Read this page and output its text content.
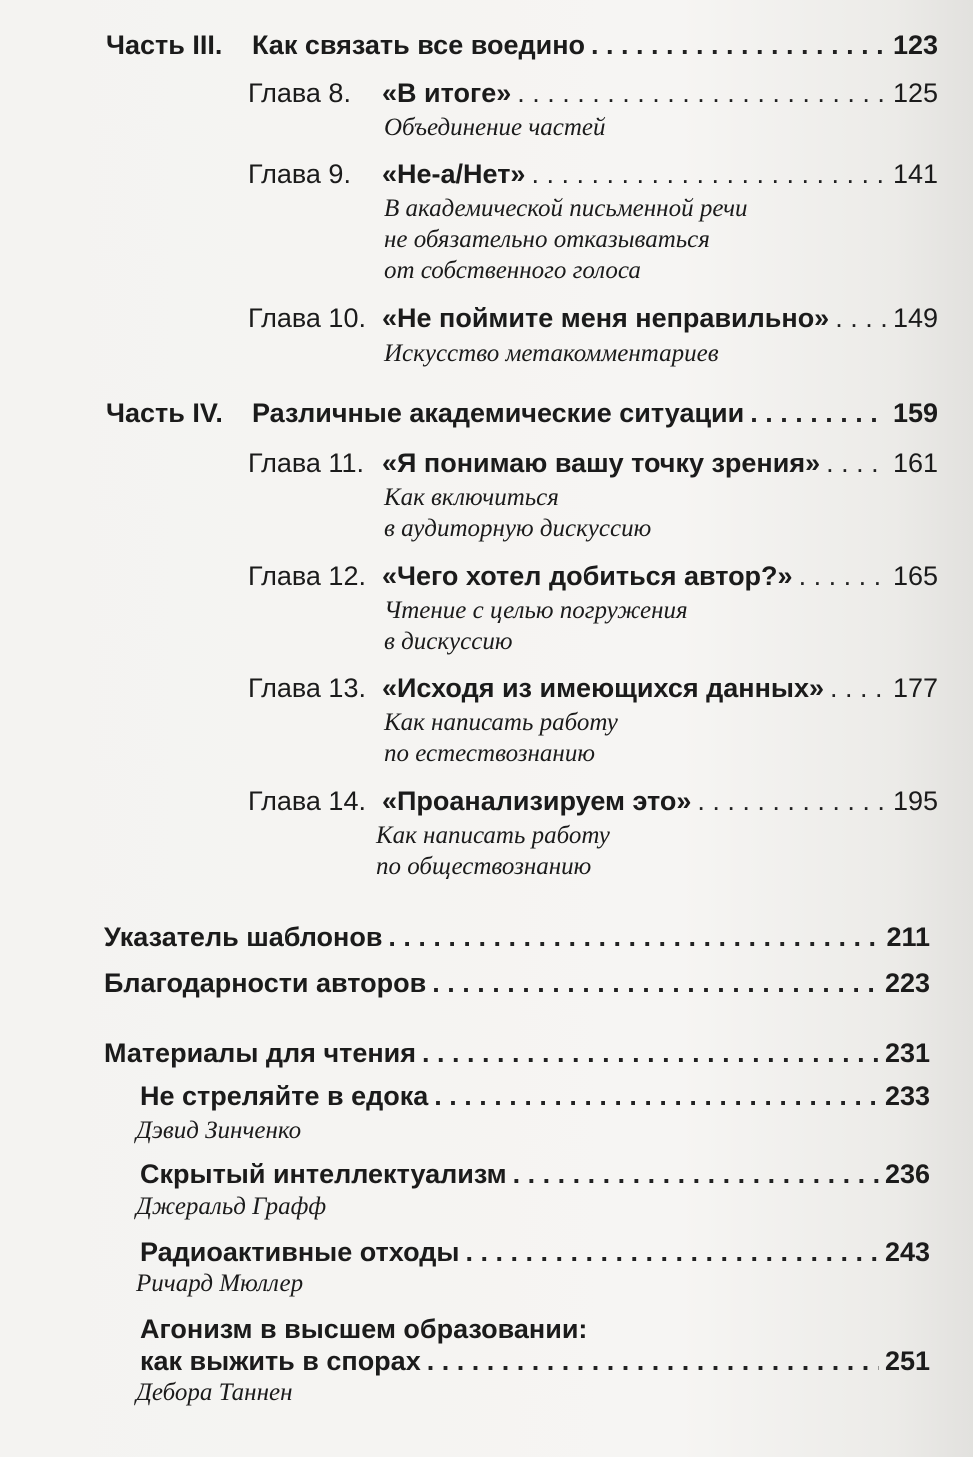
Часть III.	Как связать все воедино . . .	123
Глава 8.	«В итоге» . . .	125
Объединение частей
Глава 9.	«Не-а/Нет» . . .	141
В академической письменной речи
не обязательно отказываться
от собственного голоса
Глава 10. «Не поймите меня неправильно» . . . 149
Искусство метакомментариев
Часть IV.	Различные академические ситуации . . .	159
Глава 11. «Я понимаю вашу точку зрения» . . .	161
Как включиться
в аудиторную дискуссию
Глава 12. «Чего хотел добиться автор?» . . .	165
Чтение с целью погружения
в дискуссию
Глава 13. «Исходя из имеющихся данных» . . .	177
Как написать работу
по естествознанию
Глава 14. «Проанализируем это» . . .	195
Как написать работу
по обществознанию
Указатель шаблонов . . .	211
Благодарности авторов . . .	223
Материалы для чтения . . .	231
Не стреляйте в едока . . .	233
Дэвид Зинченко
Скрытый интеллектуализм . . .	236
Джеральд Графф
Радиоактивные отходы . . .	243
Ричард Мюллер
Агонизм в высшем образовании:
как выжить в спорах . . .	251
Дебора Таннен
